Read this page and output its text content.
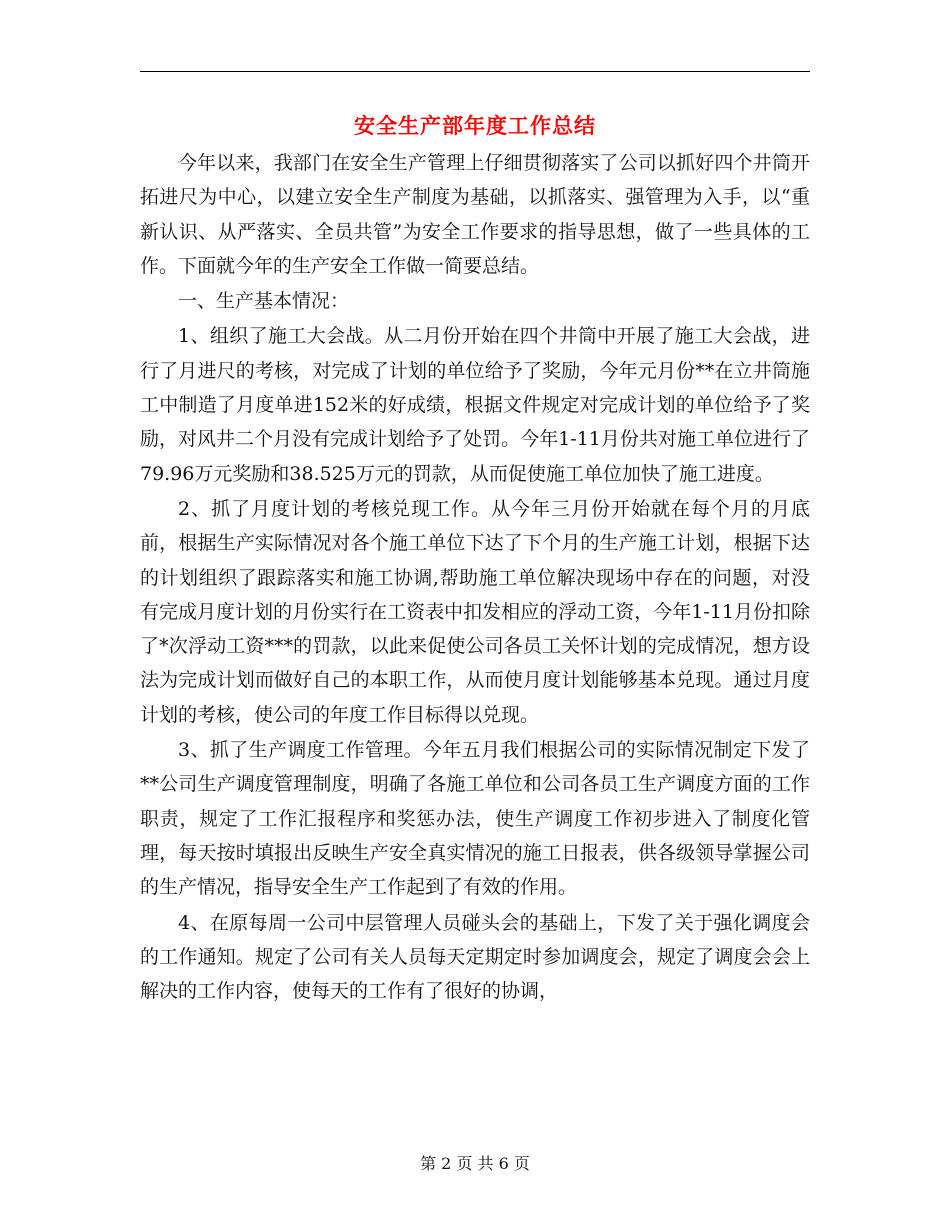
安全生产部年度工作总结

今年以来，我部门在安全生产管理上仔细贯彻落实了公司以抓好四个井筒开拓进尺为中心，以建立安全生产制度为基础，以抓落实、强管理为入手，以“重新认识、从严落实、全员共管”为安全工作要求的指导思想，做了一些具体的工作。下面就今年的生产安全工作做一简要总结。

一、生产基本情况：

1、组织了施工大会战。从二月份开始在四个井筒中开展了施工大会战，进行了月进尺的考核，对完成了计划的单位给予了奖励，今年元月份**在立井筒施工中制造了月度单进152米的好成绩，根据文件规定对完成计划的单位给予了奖励，对风井二个月没有完成计划给予了处罚。今年1-11月份共对施工单位进行了79.96万元奖励和38.525万元的罚款，从而促使施工单位加快了施工进度。

2、抓了月度计划的考核兑现工作。从今年三月份开始就在每个月的月底前，根据生产实际情况对各个施工单位下达了下个月的生产施工计划，根据下达的计划组织了跟踪落实和施工协调,帮助施工单位解决现场中存在的问题，对没有完成月度计划的月份实行在工资表中扣发相应的浮动工资，今年1-11月份扣除了*次浮动工资***的罚款，以此来促使公司各员工关怀计划的完成情况，想方设法为完成计划而做好自己的本职工作，从而使月度计划能够基本兑现。通过月度计划的考核，使公司的年度工作目标得以兑现。

3、抓了生产调度工作管理。今年五月我们根据公司的实际情况制定下发了**公司生产调度管理制度，明确了各施工单位和公司各员工生产调度方面的工作职责，规定了工作汇报程序和奖惩办法，使生产调度工作初步进入了制度化管理，每天按时填报出反映生产安全真实情况的施工日报表，供各级领导掌握公司的生产情况，指导安全生产工作起到了有效的作用。

4、在原每周一公司中层管理人员碰头会的基础上，下发了关于强化调度会的工作通知。规定了公司有关人员每天定期定时参加调度会，规定了调度会会上解决的工作内容，使每天的工作有了很好的协调，

第 2 页 共 6 页
